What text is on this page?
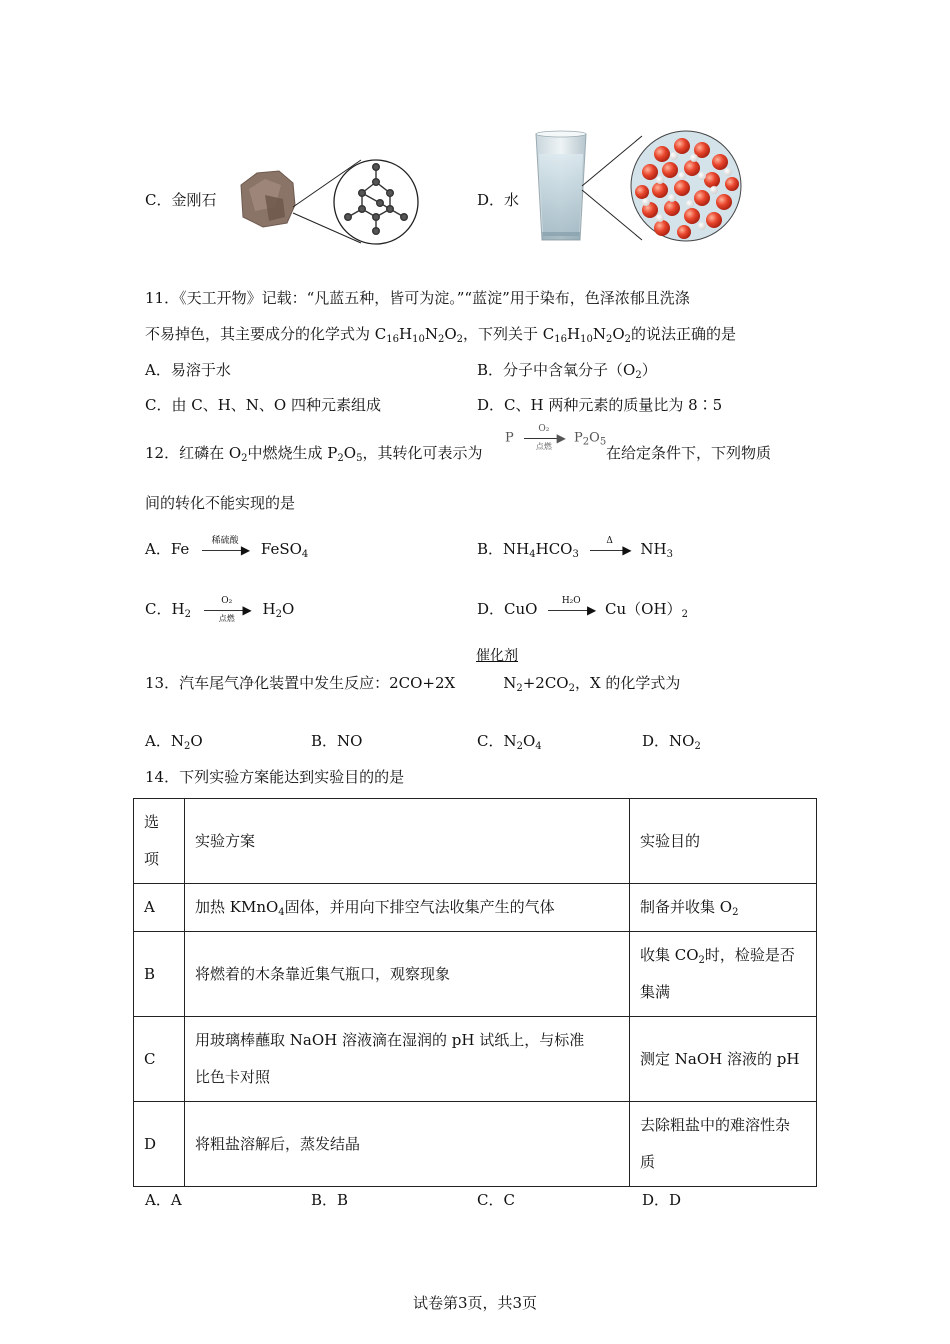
C．金刚石	D．水
11．《天工开物》记载：“凡蓝五种，皆可为淀。”“蓝淀”用于染布，色泽浓郁且洗涤
不易掉色，其主要成分的化学式为 $C_{16}H_{10}N_2O_2$，下列关于 $C_{16}H_{10}N_2O_2$的说法正确的是
A．易溶于水	B．分子中含氧分子$(O_2)$
C．由 C、H、N、O 四种元素组成	D．C、H 两种元素的质量比为 8∶5
12．红磷在 $O_2$中燃烧生成 $P_2O_5$，其转化可表示为
P
O₂
▶
点燃
$P_2O_5$
在给定条件下，下列物质
间的转化不能实现的是
A．Fe	稀硫酸
▶ FeSO$_4$	B．$NH_4HCO_3$
Δ
▶ $NH_3$
C．$H_2$
O₂
▶
点燃
$H_2O$	D．CuO	H₂O
▶ $Cu(OH)_2$
催化剂
13．汽车尾气净化装置中发生反应：2CO+2X	$N_2+2CO_2$，X 的化学式为
A．$N_2O$	B．NO	C．$N_2O_4$	D．$NO_2$
14．下列实验方案能达到实验目的的是
选
项	实验方案	实验目的
A	加热 KMnO$_4$固体，并用向下排空气法收集产生的气体	制备并收集 $O_2$
B	将燃着的木条靠近集气瓶口，观察现象	收集 $CO_2$时，检验是否
集满
C	用玻璃棒蘸取 NaOH 溶液滴在湿润的 pH 试纸上，与标准
比色卡对照	测定 NaOH 溶液的 pH
D	将粗盐溶解后，蒸发结晶	去除粗盐中的难溶性杂
质
A．A	B．B	C．C	D．D
试卷第3页，共3页
